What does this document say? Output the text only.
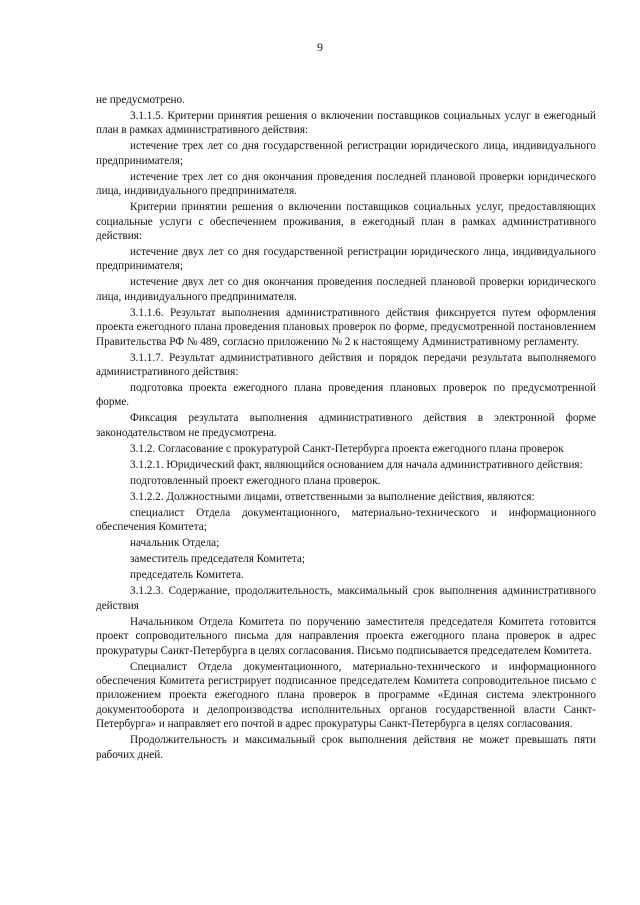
9

не предусмотрено.

3.1.1.5. Критерии принятия решения о включении поставщиков социальных услуг в ежегодный план в рамках административного действия:

истечение трех лет со дня государственной регистрации юридического лица, индивидуального предпринимателя;

истечение трех лет со дня окончания проведения последней плановой проверки юридического лица, индивидуального предпринимателя.

Критерии принятии решения о включении поставщиков социальных услуг, предоставляющих социальные услуги с обеспечением проживания, в ежегодный план в рамках административного действия:

истечение двух лет со дня государственной регистрации юридического лица, индивидуального предпринимателя;

истечение двух лет со дня окончания проведения последней плановой проверки юридического лица, индивидуального предпринимателя.

3.1.1.6. Результат выполнения административного действия фиксируется путем оформления проекта ежегодного плана проведения плановых проверок по форме, предусмотренной постановлением Правительства РФ № 489, согласно приложению № 2 к настоящему Административному регламенту.

3.1.1.7. Результат административного действия и порядок передачи результата выполняемого административного действия:

подготовка проекта ежегодного плана проведения плановых проверок по предусмотренной форме.

Фиксация результата выполнения административного действия в электронной форме законодательством не предусмотрена.

3.1.2. Согласование с прокуратурой Санкт-Петербурга проекта ежегодного плана проверок

3.1.2.1. Юридический факт, являющийся основанием для начала административного действия:

подготовленный проект ежегодного плана проверок.

3.1.2.2. Должностными лицами, ответственными за выполнение действия, являются:

специалист Отдела документационного, материально-технического и информационного обеспечения Комитета;

начальник Отдела;

заместитель председателя Комитета;

председатель Комитета.

3.1.2.3. Содержание, продолжительность, максимальный срок выполнения административного действия

Начальником Отдела Комитета по поручению заместителя председателя Комитета готовится проект сопроводительного письма для направления проекта ежегодного плана проверок в адрес прокуратуры Санкт-Петербурга в целях согласования. Письмо подписывается председателем Комитета.

Специалист Отдела документационного, материально-технического и информационного обеспечения Комитета регистрирует подписанное председателем Комитета сопроводительное письмо с приложением проекта ежегодного плана проверок в программе «Единая система электронного документооборота и делопроизводства исполнительных органов государственной власти Санкт-Петербурга» и направляет его почтой в адрес прокуратуры Санкт-Петербурга в целях согласования.

Продолжительность и максимальный срок выполнения действия не может превышать пяти рабочих дней.
